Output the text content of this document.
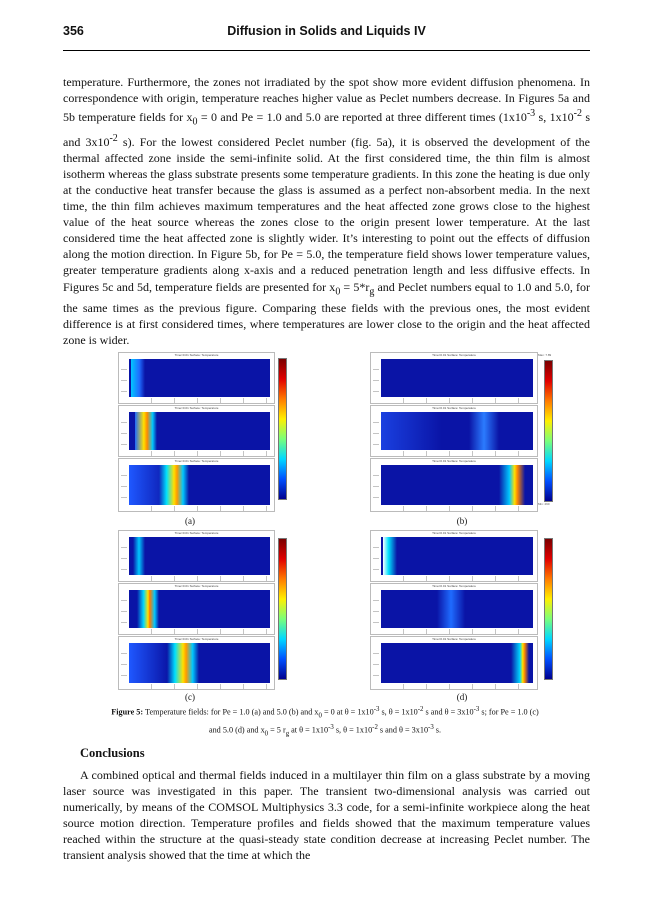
356	Diffusion in Solids and Liquids IV

temperature. Furthermore, the zones not irradiated by the spot show more evident diffusion phenomena. In correspondence with origin, temperature reaches higher value as Peclet numbers decrease. In Figures 5a and 5b temperature fields for $x_0 = 0$ and Pe = 1.0 and 5.0 are reported at three different times ($1x10^{-3}$ s, $1x10^{-2}$ s and $3x10^{-2}$ s). For the lowest considered Peclet number (fig. 5a), it is observed the development of the thermal affected zone inside the semi-infinite solid. At the first considered time, the thin film is almost isotherm whereas the glass substrate presents some temperature gradients. In this zone the heating is due only at the conductive heat transfer because the glass is assumed as a perfect non-absorbent media. In the next time, the thin film achieves maximum temperatures and the heat affected zone grows close to the highest value of the heat source whereas the zones close to the origin present lower temperature. At the last considered time the heat affected zone is slightly wider. It’s interesting to point out the effects of diffusion along the motion direction. In Figure 5b, for Pe = 5.0, the temperature field shows lower temperature values, greater temperature gradients along x-axis and a reduced penetration length and less diffusive effects. In Figures 5c and 5d, temperature fields are presented for $x_0 = 5*r_g$ and Peclet numbers equal to 1.0 and 5.0, for the same times as the previous figure. Comparing these fields with the previous ones, the most evident difference is at first considered times, where temperatures are lower close to the origin and the heat affected zone is wider.

Time=0.01 Surface: Temperature
Time=0.01 Surface: Temperature
Time=0.01 Surface: Temperature
(a)
Time=0.01 Surface: Temperature
Time=0.01 Surface: Temperature
Time=0.01 Surface: Temperature
Max: 7.89
Min: 290
(b)
Time=0.01 Surface: Temperature
Time=0.01 Surface: Temperature
Time=0.01 Surface: Temperature
(c)
Time=0.01 Surface: Temperature
Time=0.01 Surface: Temperature
Time=0.01 Surface: Temperature
(d)

Figure 5: Temperature fields: for Pe = 1.0 (a) and 5.0 (b) and $x_0 = 0$ at $\theta = 1x10^{-3}$ s, $\theta = 1x10^{-2}$ s and $\theta = 3x10^{-3}$ s; for Pe = 1.0 (c) and 5.0 (d) and $x_0 = 5$ $r_g$ at $\theta = 1x10^{-3}$ s, $\theta = 1x10^{-2}$ s and $\theta = 3x10^{-3}$ s.

Conclusions

A combined optical and thermal fields induced in a multilayer thin film on a glass substrate by a moving laser source was investigated in this paper. The transient two-dimensional analysis was carried out numerically, by means of the COMSOL Multiphysics 3.3 code, for a semi-infinite workpiece along the heat source motion direction. Temperature profiles and fields showed that the maximum temperature values reached within the structure at the quasi-steady state condition decrease at increasing Peclet number. The transient analysis showed that the time at which the
